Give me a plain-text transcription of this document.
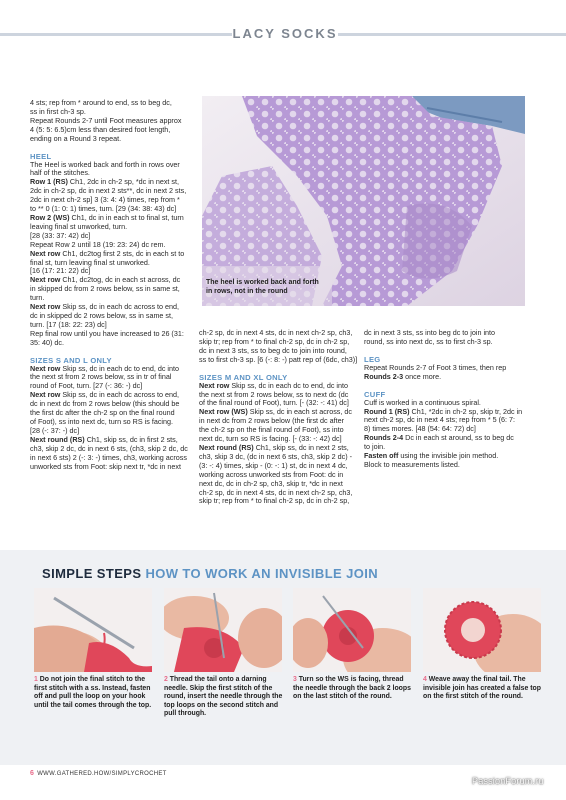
LACY SOCKS

4 sts; rep from * around to end, ss to beg dc,

ss in first ch-3 sp.

Repeat Rounds 2-7 until Foot measures approx

4 (5: 5: 6.5)cm less than desired foot length,

ending on a Round 3 repeat.

HEEL

The Heel is worked back and forth in rows over

half of the stitches.

Row 1 (RS) Ch1, 2dc in ch-2 sp, *dc in next st,

2dc in ch-2 sp, dc in next 2 sts**, dc in next 2 sts,

2dc in next ch-2 sp] 3 (3: 4: 4) times, rep from *

to ** 0 (1: 0: 1) times, turn. [29 (34: 38: 43) dc]

Row 2 (WS) Ch1, dc in in each st to final st, turn

leaving final st unworked, turn.

[28 (33: 37: 42) dc]

Repeat Row 2 until 18 (19: 23: 24) dc rem.

Next row Ch1, dc2tog first 2 sts, dc in each st to

final st, turn leaving final st unworked.

[16 (17: 21: 22) dc]

Next row Ch1, dc2tog, dc in each st across, dc

in skipped dc from 2 rows below, ss in same st,

turn.

Next row Skip ss, dc in each dc across to end,

dc in skipped dc 2 rows below, ss in same st,

turn. [17 (18: 22: 23) dc]

Rep final row until you have increased to 26 (31:

35: 40) dc.

SIZES S AND L ONLY

Next row Skip ss, dc in each dc to end, dc into

the next st from 2 rows below, ss in tr of final

round of Foot, turn. [27 (-: 36: -) dc]

Next row Skip ss, dc in each dc across to end,

dc in next dc from 2 rows below (this should be

the first dc after the ch-2 sp on the final round

of Foot), ss into next dc, turn so RS is facing.

[28 (-: 37: -) dc]

Next round (RS) Ch1, skip ss, dc in first 2 sts,

ch3, skip 2 dc, dc in next 6 sts, (ch3, skip 2 dc, dc

in next 6 sts) 2 (-: 3: -) times, ch3, working across

unworked sts from Foot: skip next tr, *dc in next

The heel is worked back and forth in rows, not in the round

ch-2 sp, dc in next 4 sts, dc in next ch-2 sp, ch3,

skip tr; rep from * to final ch-2 sp, dc in ch-2 sp,

dc in next 3 sts, ss to beg dc to join into round,

ss to first ch-3 sp. [6 (-: 8: -) patt rep of (6dc, ch3)]

SIZES M AND XL ONLY

Next row Skip ss, dc in each dc to end, dc into

the next st from 2 rows below, ss to next dc (dc

of the final round of Foot), turn. [- (32: -: 41) dc]

Next row (WS) Skip ss, dc in each st across, dc

in next dc from 2 rows below (the first dc after

the ch-2 sp on the final round of Foot), ss into

next dc, turn so RS is facing. [- (33: -: 42) dc]

Next round (RS) Ch1, skip ss, dc in next 2 sts,

ch3, skip 3 dc, (dc in next 6 sts, ch3, skip 2 dc) -

(3: -: 4) times, skip - (0: -: 1) st, dc in next 4 dc,

working across unworked sts from Foot: dc in

next dc, dc in ch-2 sp, ch3, skip tr, *dc in next

ch-2 sp, dc in next 4 sts, dc in next ch-2 sp, ch3,

skip tr; rep from * to final ch-2 sp, dc in ch-2 sp,

dc in next 3 sts, ss into beg dc to join into

round, ss into next dc, ss to first ch-3 sp.

LEG

Repeat Rounds 2-7 of Foot 3 times, then rep

Rounds 2-3 once more.

CUFF

Cuff is worked in a continuous spiral.

Round 1 (RS) Ch1, *2dc in ch-2 sp, skip tr, 2dc in

next ch-2 sp, dc in next 4 sts; rep from * 5 (6: 7:

8) times mores. [48 (54: 64: 72) dc]

Rounds 2-4 Dc in each st around, ss to beg dc

to join.

Fasten off using the invisible join method.

Block to measurements listed.

SIMPLE STEPS HOW TO WORK AN INVISIBLE JOIN
1 Do not join the final stitch to the first stitch with a ss. Instead, fasten off and pull the loop on your hook until the tail comes through the top.
2 Thread the tail onto a darning needle. Skip the first stitch of the round, insert the needle through the top loops on the second stitch and pull through.
3 Turn so the WS is facing, thread the needle through the back 2 loops on the last stitch of the round.
4 Weave away the final tail. The invisible join has created a false top on the first stitch of the round.
6 WWW.GATHERED.HOW/SIMPLYCROCHET
PassionForum.ru
